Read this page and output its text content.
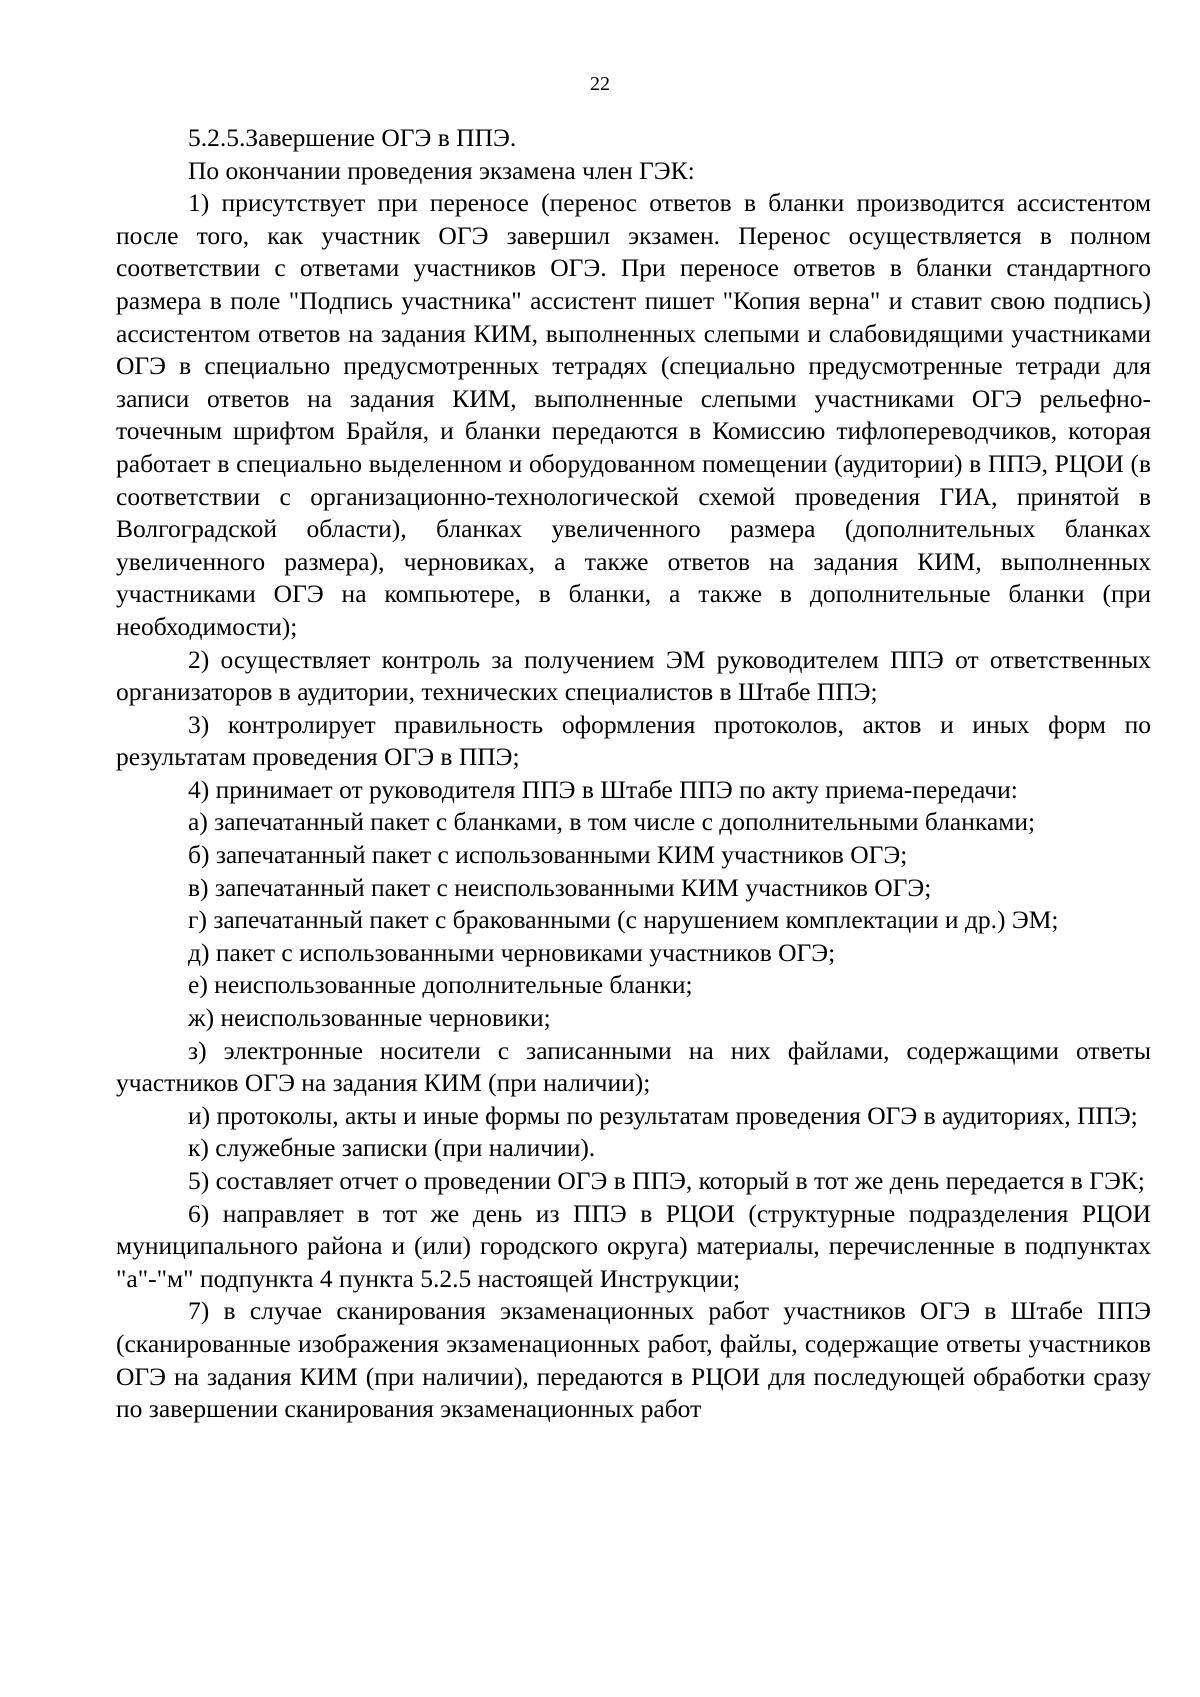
22

5.2.5.Завершение ОГЭ в ППЭ.

По окончании проведения экзамена член ГЭК:

1) присутствует при переносе (перенос ответов в бланки производится ассистентом после того, как участник ОГЭ завершил экзамен. Перенос осуществляется в полном соответствии с ответами участников ОГЭ. При переносе ответов в бланки стандартного размера в поле "Подпись участника" ассистент пишет "Копия верна" и ставит свою подпись) ассистентом ответов на задания КИМ, выполненных слепыми и слабовидящими участниками ОГЭ в специально предусмотренных тетрадях (специально предусмотренные тетради для записи ответов на задания КИМ, выполненные слепыми участниками ОГЭ рельефно-точечным шрифтом Брайля, и бланки передаются в Комиссию тифлопереводчиков, которая работает в специально выделенном и оборудованном помещении (аудитории) в ППЭ, РЦОИ (в соответствии с организационно-технологической схемой проведения ГИА, принятой в Волгоградской области), бланках увеличенного размера (дополнительных бланках увеличенного размера), черновиках, а также ответов на задания КИМ, выполненных участниками ОГЭ на компьютере, в бланки, а также в дополнительные бланки (при необходимости);

2) осуществляет контроль за получением ЭМ руководителем ППЭ от ответственных организаторов в аудитории, технических специалистов в Штабе ППЭ;

3) контролирует правильность оформления протоколов, актов и иных форм по результатам проведения ОГЭ в ППЭ;

4) принимает от руководителя ППЭ в Штабе ППЭ по акту приема-передачи:

а) запечатанный пакет с бланками, в том числе с дополнительными бланками;

б) запечатанный пакет с использованными КИМ участников ОГЭ;

в) запечатанный пакет с неиспользованными КИМ участников ОГЭ;

г) запечатанный пакет с бракованными (с нарушением комплектации и др.) ЭМ;

д) пакет с использованными черновиками участников ОГЭ;

е) неиспользованные дополнительные бланки;

ж) неиспользованные черновики;

з) электронные носители с записанными на них файлами, содержащими ответы участников ОГЭ на задания КИМ (при наличии);

и) протоколы, акты и иные формы по результатам проведения ОГЭ в аудиториях, ППЭ;

к) служебные записки (при наличии).

5) составляет отчет о проведении ОГЭ в ППЭ, который в тот же день передается в ГЭК;

6) направляет в тот же день из ППЭ в РЦОИ (структурные подразделения РЦОИ муниципального района и (или) городского округа) материалы, перечисленные в подпунктах "а"-"м" подпункта 4 пункта 5.2.5 настоящей Инструкции;

7) в случае сканирования экзаменационных работ участников ОГЭ в Штабе ППЭ (сканированные изображения экзаменационных работ, файлы, содержащие ответы участников ОГЭ на задания КИМ (при наличии), передаются в РЦОИ для последующей обработки сразу по завершении сканирования экзаменационных работ
